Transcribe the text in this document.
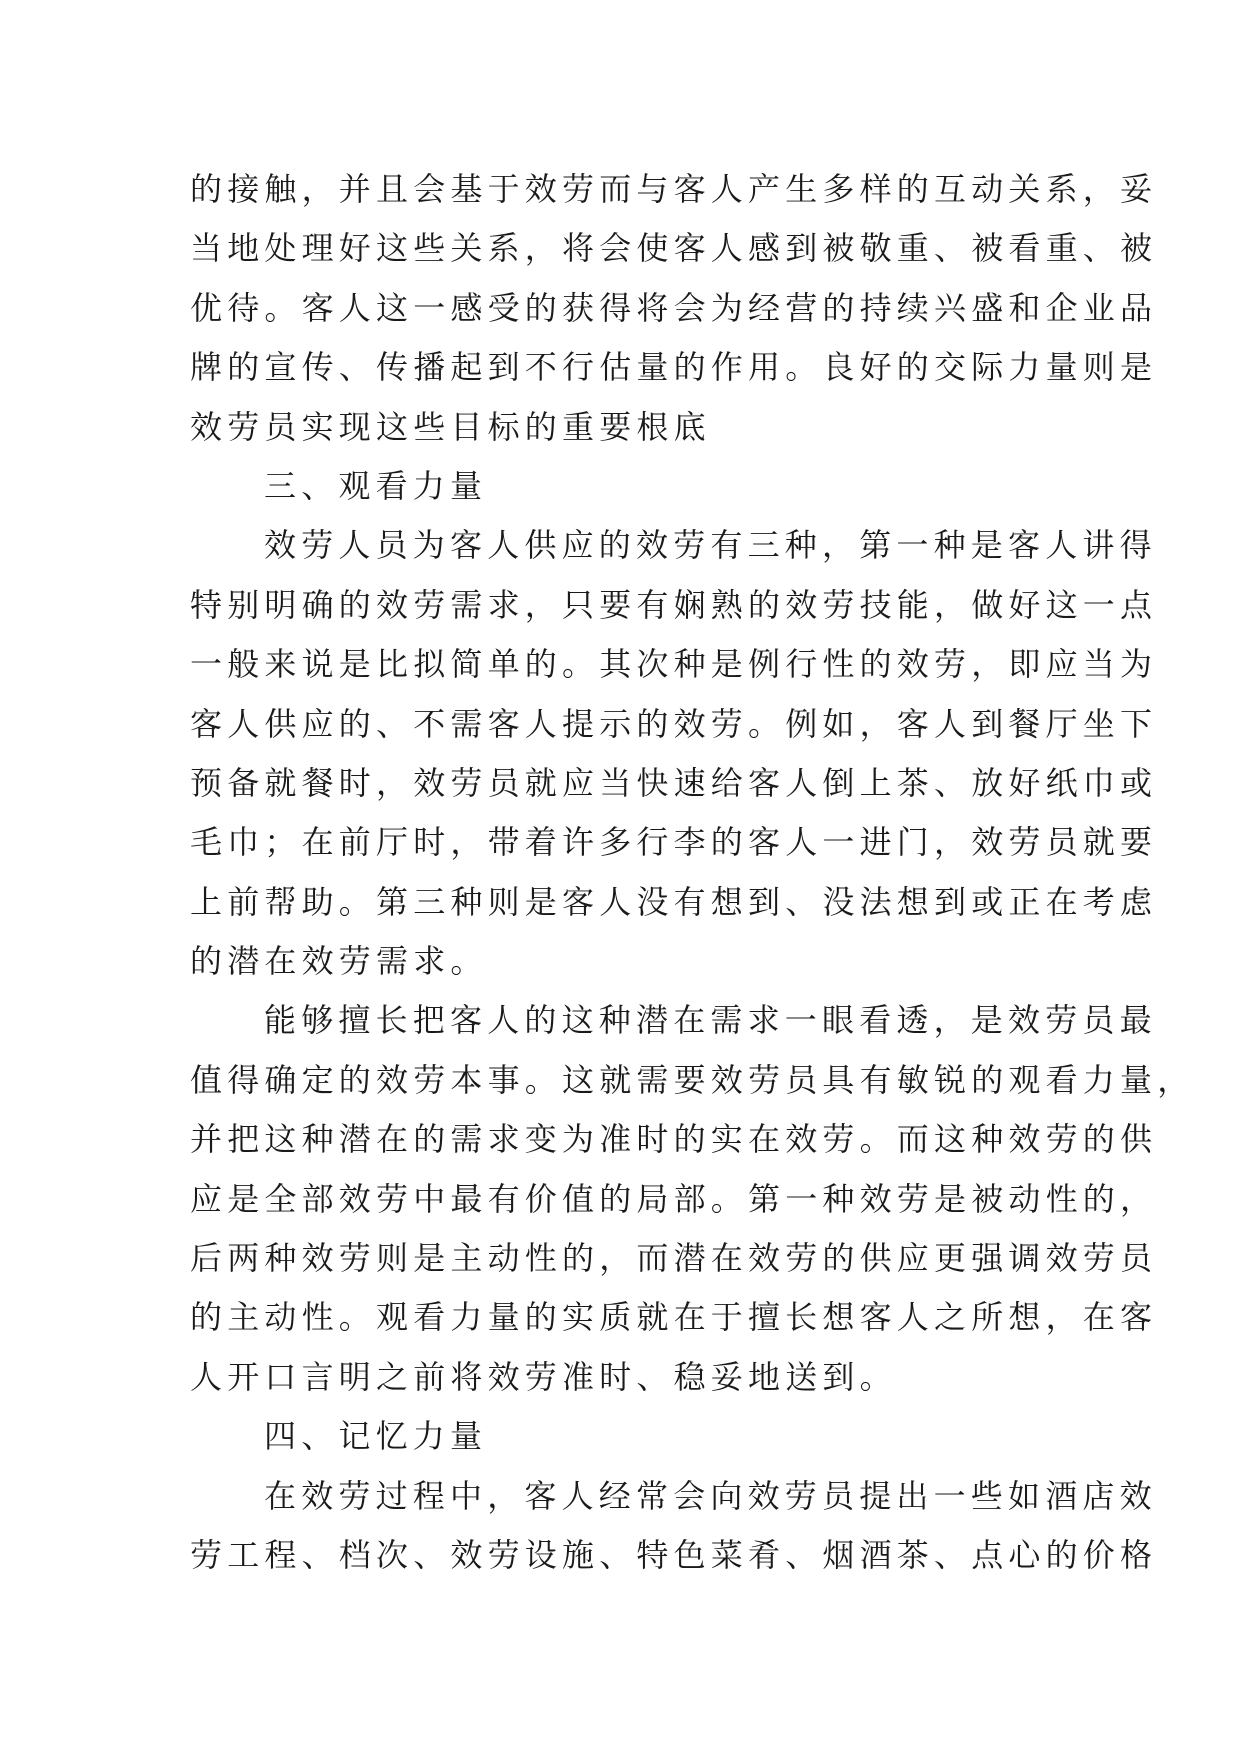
的接触，并且会基于效劳而与客人产生多样的互动关系，妥
当地处理好这些关系，将会使客人感到被敬重、被看重、被
优待。客人这一感受的获得将会为经营的持续兴盛和企业品
牌的宣传、传播起到不行估量的作用。良好的交际力量则是
效劳员实现这些目标的重要根底
三、观看力量
效劳人员为客人供应的效劳有三种，第一种是客人讲得
特别明确的效劳需求，只要有娴熟的效劳技能，做好这一点
一般来说是比拟简单的。其次种是例行性的效劳，即应当为
客人供应的、不需客人提示的效劳。例如，客人到餐厅坐下
预备就餐时，效劳员就应当快速给客人倒上茶、放好纸巾或
毛巾；在前厅时，带着许多行李的客人一进门，效劳员就要
上前帮助。第三种则是客人没有想到、没法想到或正在考虑
的潜在效劳需求。
能够擅长把客人的这种潜在需求一眼看透，是效劳员最
值得确定的效劳本事。这就需要效劳员具有敏锐的观看力量，
并把这种潜在的需求变为准时的实在效劳。而这种效劳的供
应是全部效劳中最有价值的局部。第一种效劳是被动性的，
后两种效劳则是主动性的，而潜在效劳的供应更强调效劳员
的主动性。观看力量的实质就在于擅长想客人之所想，在客
人开口言明之前将效劳准时、稳妥地送到。
四、记忆力量
在效劳过程中，客人经常会向效劳员提出一些如酒店效
劳工程、档次、效劳设施、特色菜肴、烟酒茶、点心的价格
